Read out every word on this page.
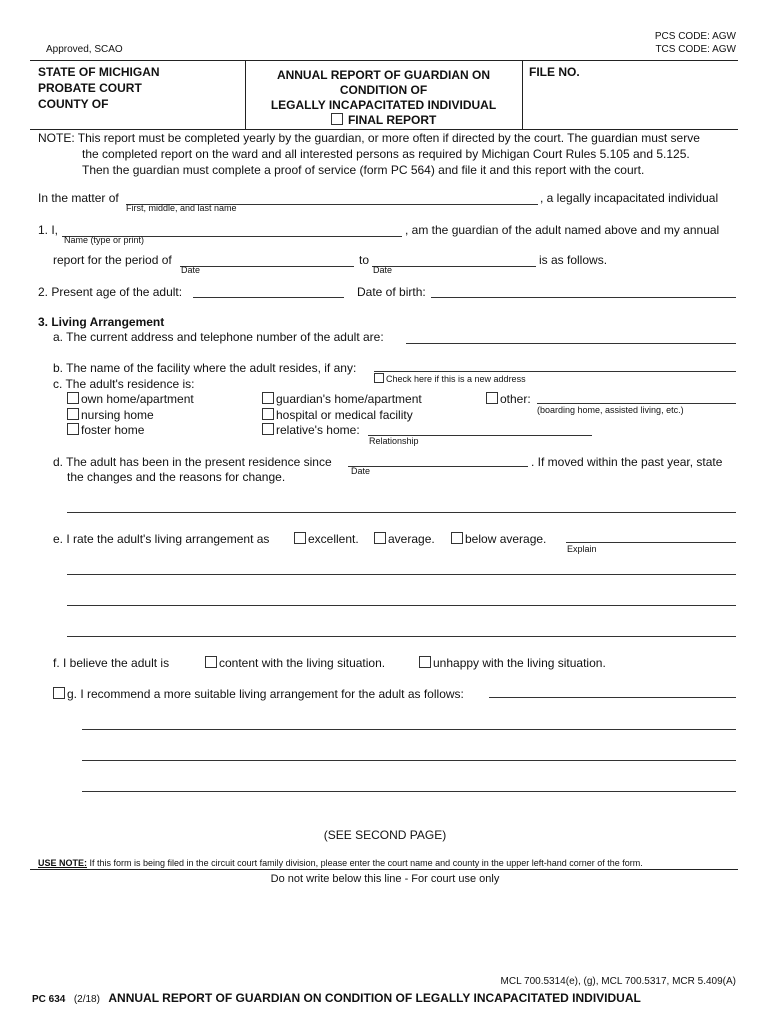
Approved, SCAO
PCS CODE: AGW
TCS CODE: AGW
STATE OF MICHIGAN
PROBATE COURT
COUNTY OF
ANNUAL REPORT OF GUARDIAN ON
CONDITION OF
LEGALLY INCAPACITATED INDIVIDUAL
FINAL REPORT
FILE NO.
NOTE: This report must be completed yearly by the guardian, or more often if directed by the court. The guardian must serve
the completed report on the ward and all interested persons as required by Michigan Court Rules 5.105 and 5.125.
Then the guardian must complete a proof of service (form PC 564) and file it and this report with the court.
In the matter of
First, middle, and last name
, a legally incapacitated individual
1. I,
Name (type or print)
, am the guardian of the adult named above and my annual
report for the period of
Date
to
Date
is as follows.
2. Present age of the adult:	Date of birth:
3. Living Arrangement
a. The current address and telephone number of the adult are:
b. The name of the facility where the adult resides, if any:
Check here if this is a new address
c. The adult's residence is:
own home/apartment
nursing home
foster home
guardian's home/apartment
hospital or medical facility
relative's home:
Relationship
other:
(boarding home, assisted living, etc.)
d. The adult has been in the present residence since
Date
. If moved within the past year, state
the changes and the reasons for change.
e. I rate the adult's living arrangement as	excellent.	average.	below average.
Explain
f. I believe the adult is	content with the living situation.	unhappy with the living situation.
g. I recommend a more suitable living arrangement for the adult as follows:
(SEE SECOND PAGE)
USE NOTE: If this form is being filed in the circuit court family division, please enter the court name and county in the upper left-hand corner of the form.
Do not write below this line - For court use only
MCL 700.5314(e), (g), MCL 700.5317, MCR 5.409(A)
PC 634 (2/18) ANNUAL REPORT OF GUARDIAN ON CONDITION OF LEGALLY INCAPACITATED INDIVIDUAL
